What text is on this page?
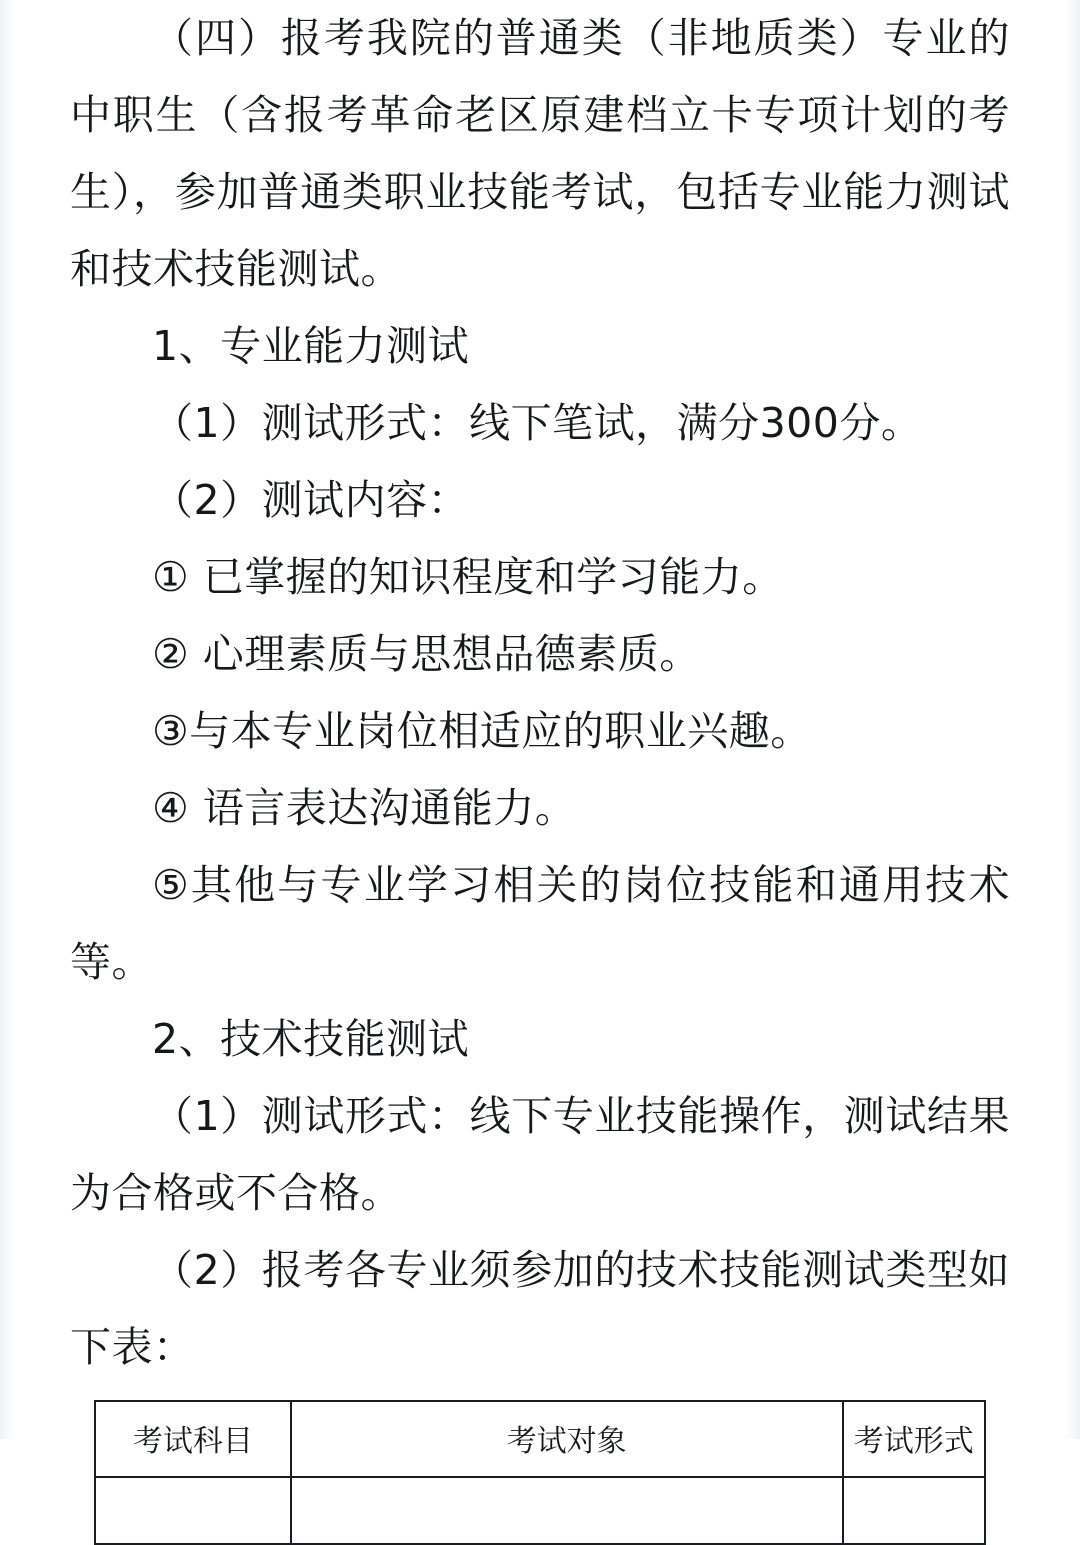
（四）报考我院的普通类（非地质类）专业的中职生（含报考革命老区原建档立卡专项计划的考生），参加普通类职业技能考试，包括专业能力测试和技术技能测试。

1、专业能力测试

（1）测试形式：线下笔试，满分300分。

（2）测试内容：

① 已掌握的知识程度和学习能力。

② 心理素质与思想品德素质。

③与本专业岗位相适应的职业兴趣。

④ 语言表达沟通能力。

⑤其他与专业学习相关的岗位技能和通用技术等。

2、技术技能测试

（1）测试形式：线下专业技能操作，测试结果为合格或不合格。

（2）报考各专业须参加的技术技能测试类型如下表：

考试科目	考试对象	考试形式
